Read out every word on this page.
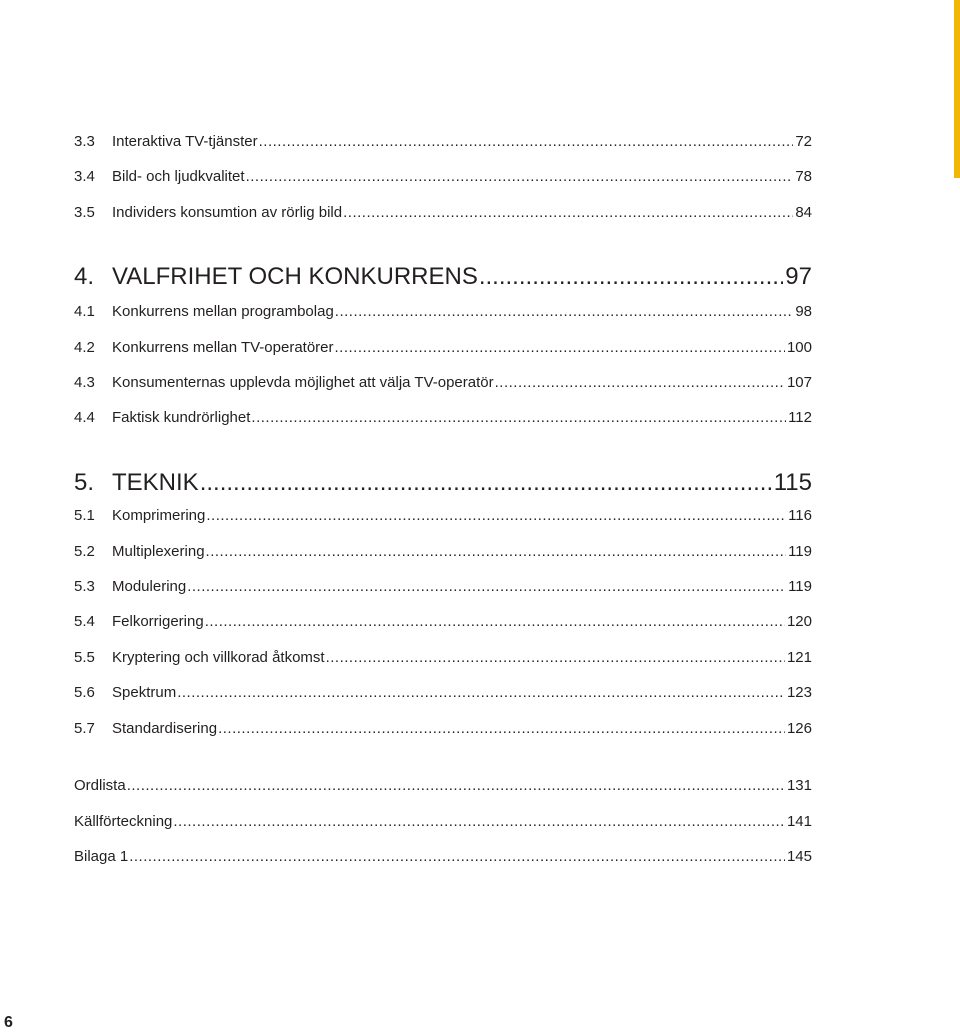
3.3	Interaktiva TV-tjänster .....	72
3.4	Bild- och ljudkvalitet .....	78
3.5	Individers konsumtion av rörlig bild .....	84
4. VALFRIHET OCH KONKURRENS .....	97
4.1	Konkurrens mellan programbolag .....	98
4.2	Konkurrens mellan TV-operatörer .....	100
4.3	Konsumenternas upplevda möjlighet att välja TV-operatör .....	107
4.4	Faktisk kundrörlighet .....	112
5. TEKNIK .....	115
5.1	Komprimering .....	116
5.2	Multiplexering .....	119
5.3	Modulering .....	119
5.4	Felkorrigering .....	120
5.5	Kryptering och villkorad åtkomst .....	121
5.6	Spektrum .....	123
5.7	Standardisering .....	126
Ordlista .....	131
Källförteckning .....	141
Bilaga 1 .....	145
6
